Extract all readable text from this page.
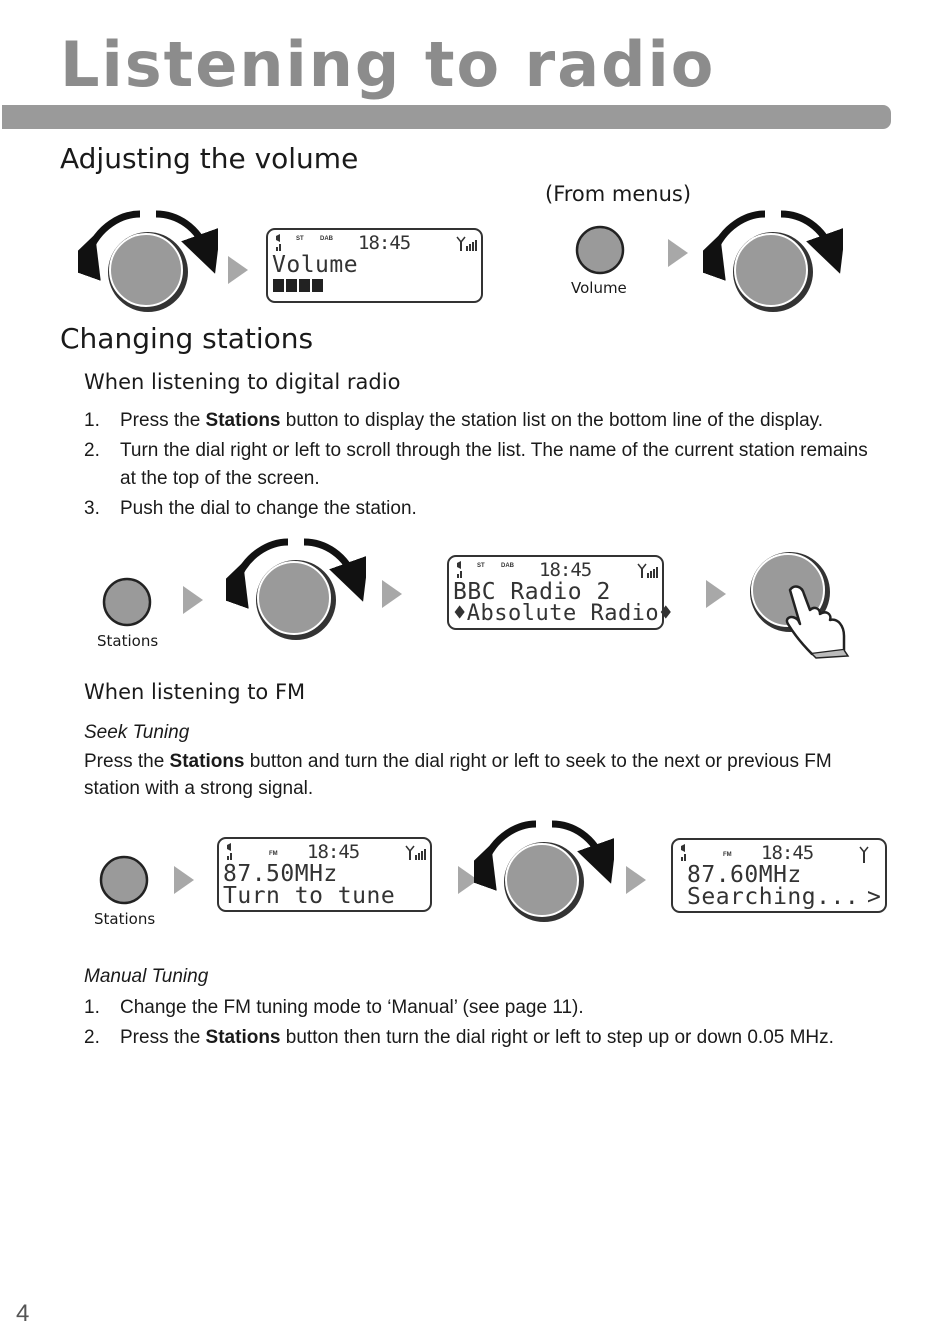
Listening to radio
Adjusting the volume
(From menus)
ST	DAB 18:45
Volume
Volume
Changing stations
When listening to digital radio
1. Press the Stations button to display the station list on the bottom line of the display.
2. Turn the dial right or left to scroll through the list. The name of the current station remains at the top of the screen.
3. Push the dial to change the station.
Stations
ST	DAB 18:45
BBC Radio 2
♦Absolute Radio♦
When listening to FM
Seek Tuning
Press the Stations button and turn the dial right or left to seek to the next or previous FM station with a strong signal.
Stations
FM 18:45
87.50MHz
Turn to tune
FM 18:45
87.60MHz
Searching... >
Manual Tuning
1. Change the FM tuning mode to ‘Manual’ (see page 11).
2. Press the Stations button then turn the dial right or left to step up or down 0.05 MHz.
4
